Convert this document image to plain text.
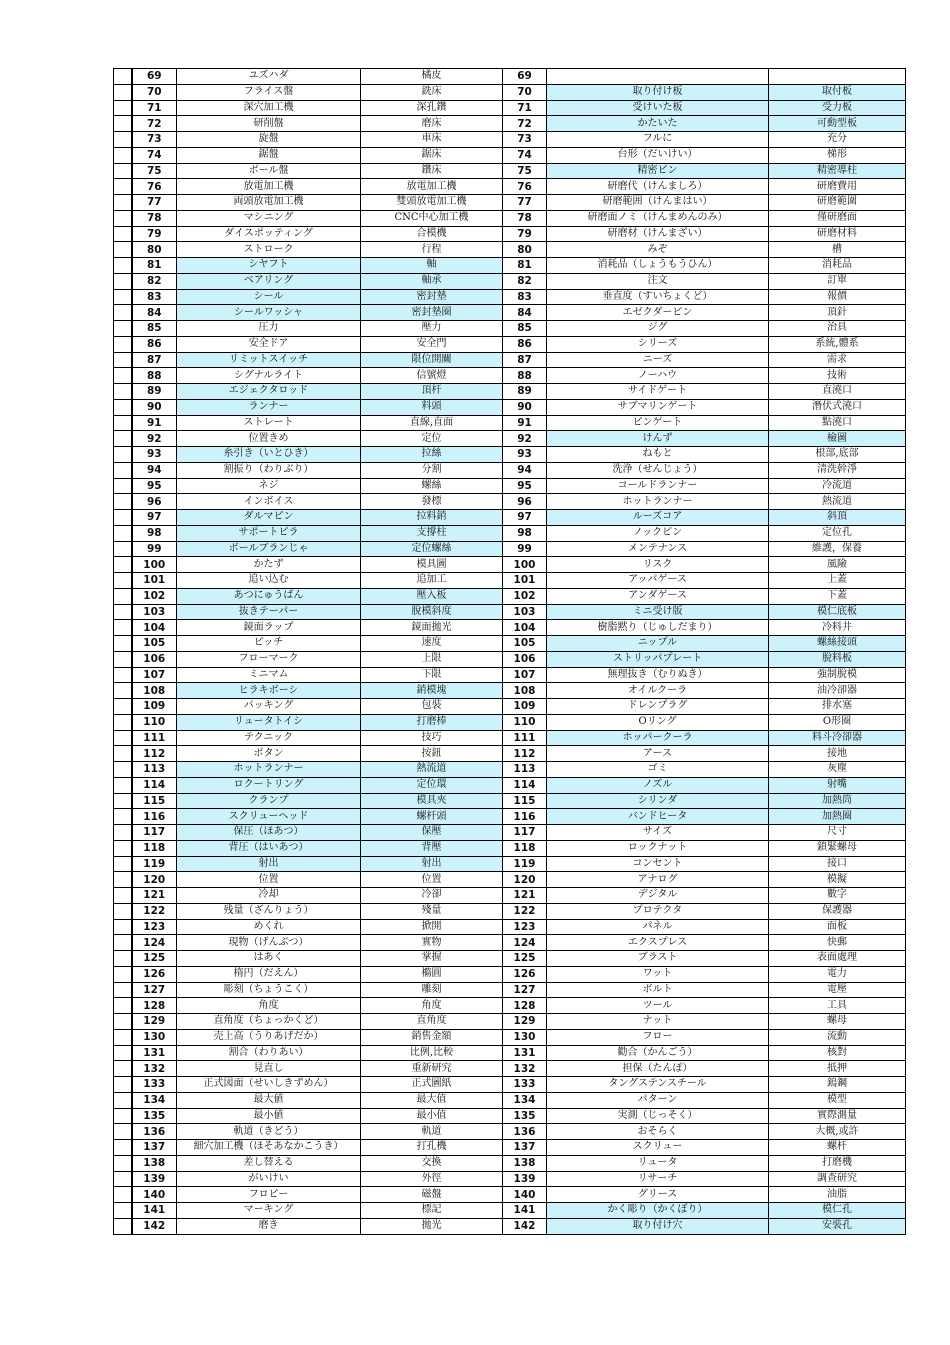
	69	ユズハダ	橘皮	69		
	70	フライス盤	銑床	70	取り付け板	取付板
	71	深穴加工機	深孔鑽	71	受けいた板	受力板
	72	研削盤	磨床	72	かたいた	可動型板
	73	旋盤	車床	73	フルに	充分
	74	鋸盤	鋸床	74	台形（だいけい）	梯形
	75	ボール盤	鑽床	75	精密ピン	精密導柱
	76	放電加工機	放電加工機	76	研磨代（けんましろ）	研磨費用
	77	両頭放電加工機	雙頭放電加工機	77	研磨範囲（けんまはい）	研磨範圍
	78	マシニング	CNC中心加工機	78	研磨面ノミ（けんまめんのみ）	僅研磨面
	79	ダイスポッティング	合模機	79	研磨材（けんまざい）	研磨材料
	80	ストローク	行程	80	みぞ	槽
	81	シヤフト	軸	81	消耗品（しょうもうひん）	消耗品
	82	ベアリング	軸承	82	注文	訂單
	83	シール	密封墊	83	垂直度（すいちょくど）	報價
	84	シールワッシャ	密封墊圈	84	エゼクダーピン	頂針
	85	圧力	壓力	85	ジグ	治具
	86	安全ドア	安全門	86	シリーズ	系統,體系
	87	リミットスイッチ	限位開關	87	ニーズ	需求
	88	シグナルライト	信號燈	88	ノーハウ	技術
	89	エジェクタロッド	頂杆	89	サイドゲート	直澆口
	90	ランナー	料頭	90	サブマリンゲート	潛伏式澆口
	91	ストレート	直線,直面	91	ピンゲート	點澆口
	92	位置きめ	定位	92	けんず	檢圖
	93	糸引き（いとひき）	拉絲	93	ねもと	根部,底部
	94	割振り（わりぶり）	分割	94	洗浄（せんじょう）	清洗幹淨
	95	ネジ	螺絲	95	コールドランナー	冷流道
	96	インボイス	發標	96	ホットランナー	熱流道
	97	ダルマピン	拉料銷	97	ルーズコア	斜頂
	98	サポートピラ	支撐柱	98	ノックピン	定位孔
	99	ボールブランじゃ	定位螺絲	99	メンテナンス	維護，保養
	100	かたず	模具圖	100	リスク	風險
	101	追い込む	追加工	101	アッパゲース	上蓋
	102	あつにゅうばん	壓入板	102	アンダゲース	下蓋
	103	抜きテーパー	脫模斜度	103	ミニ受け版	模仁底板
	104	鏡面ラップ	鏡面拋光	104	樹脂黙り（じゅしだまり）	冷料井
	105	ピッチ	速度	105	ニップル	螺絲接頭
	106	フローマーク	上限	106	ストリッパプレート	脫料板
	107	ミニマム	下限	107	無理抜き（むりぬき）	強制脫模
	108	ヒラキボーシ	銷模塊	108	オイルクーラ	油冷卻器
	109	パッキング	包裝	109	ドレンプラグ	排水塞
	110	リュータトイシ	打磨棒	110	Oリング	O形圈
	111	テクニック	技巧	111	ホッパークーラ	料斗冷卻器
	112	ボタン	按鈕	112	アース	接地
	113	ホットランナー	熱流道	113	ゴミ	灰塵
	114	ロクートリング	定位環	114	ノズル	射嘴
	115	クランプ	模具夾	115	シリンダ	加熱筒
	116	スクリューヘッド	螺杆頭	116	バンドヒータ	加熱圈
	117	保圧（ほあつ）	保壓	117	サイズ	尺寸
	118	背圧（はいあつ）	背壓	118	ロックナット	鎖緊螺母
	119	射出	射出	119	コンセント	接口
	120	位置	位置	120	アナログ	模擬
	121	冷却	冷卻	121	デジタル	數字
	122	残量（ざんりょう）	殘量	122	プロテクタ	保護器
	123	めくれ	掀開	123	パネル	面板
	124	現物（げんぶつ）	實物	124	エクスプレス	快郵
	125	はあく	掌握	125	ブラスト	表面處理
	126	楕円（だえん）	橢圓	126	ワット	電力
	127	彫刻（ちょうこく）	雕刻	127	ボルト	電壓
	128	角度	角度	128	ツール	工具
	129	直角度（ちょっかくど）	直角度	129	ナット	螺母
	130	売上高（うりあげだか）	銷售金額	130	フロー	流動
	131	割合（わりあい）	比例,比較	131	勸合（かんごう）	核對
	132	見直し	重新研究	132	担保（たんぽ）	抵押
	133	正式図面（せいしきずめん）	正式圖紙	133	タングステンスチール	鎢鋼
	134	最大値	最大值	134	パターン	模型
	135	最小値	最小值	135	実測（じっそく）	實際測量
	136	軌道（きどう）	軌道	136	おそらく	大概,或許
	137	細穴加工機（ほそあなかこうき）	打孔機	137	スクリュー	螺杆
	138	差し替える	交換	138	リュータ	打磨機
	139	がいけい	外徑	139	リサーチ	調查研究
	140	フロピー	磁盤	140	グリース	油脂
	141	マーキング	標記	141	かく彫り（かくぼり）	模仁孔
	142	磨き	拋光	142	取り付け穴	安裝孔
